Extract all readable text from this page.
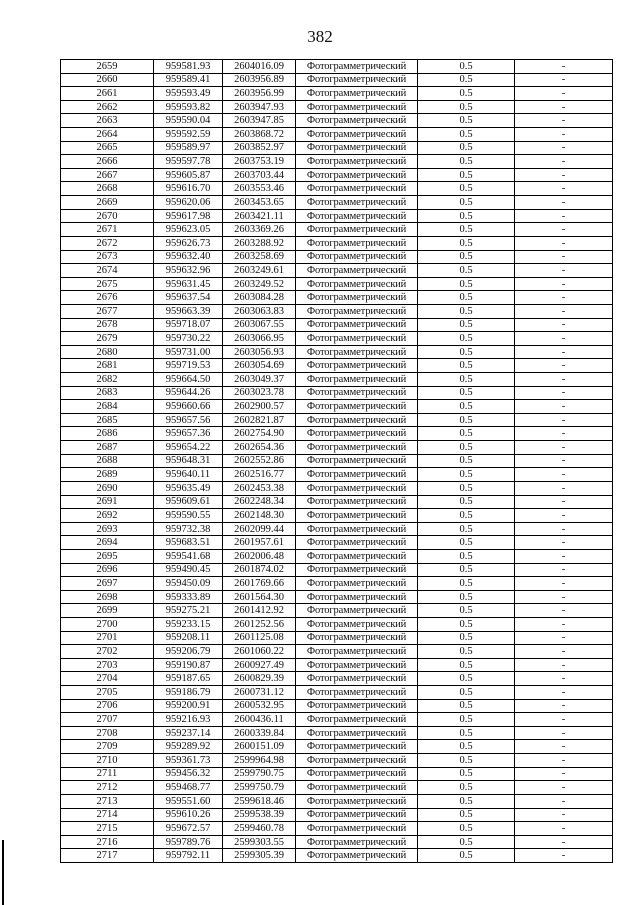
382
2659	959581.93	2604016.09	Фотограмметрический	0.5	-
2660	959589.41	2603956.89	Фотограмметрический	0.5	-
2661	959593.49	2603956.99	Фотограмметрический	0.5	-
2662	959593.82	2603947.93	Фотограмметрический	0.5	-
2663	959590.04	2603947.85	Фотограмметрический	0.5	-
2664	959592.59	2603868.72	Фотограмметрический	0.5	-
2665	959589.97	2603852.97	Фотограмметрический	0.5	-
2666	959597.78	2603753.19	Фотограмметрический	0.5	-
2667	959605.87	2603703.44	Фотограмметрический	0.5	-
2668	959616.70	2603553.46	Фотограмметрический	0.5	-
2669	959620.06	2603453.65	Фотограмметрический	0.5	-
2670	959617.98	2603421.11	Фотограмметрический	0.5	-
2671	959623.05	2603369.26	Фотограмметрический	0.5	-
2672	959626.73	2603288.92	Фотограмметрический	0.5	-
2673	959632.40	2603258.69	Фотограмметрический	0.5	-
2674	959632.96	2603249.61	Фотограмметрический	0.5	-
2675	959631.45	2603249.52	Фотограмметрический	0.5	-
2676	959637.54	2603084.28	Фотограмметрический	0.5	-
2677	959663.39	2603063.83	Фотограмметрический	0.5	-
2678	959718.07	2603067.55	Фотограмметрический	0.5	-
2679	959730.22	2603066.95	Фотограмметрический	0.5	-
2680	959731.00	2603056.93	Фотограмметрический	0.5	-
2681	959719.53	2603054.69	Фотограмметрический	0.5	-
2682	959664.50	2603049.37	Фотограмметрический	0.5	-
2683	959644.26	2603023.78	Фотограмметрический	0.5	-
2684	959660.66	2602900.57	Фотограмметрический	0.5	-
2685	959657.56	2602821.87	Фотограмметрический	0.5	-
2686	959657.36	2602754.90	Фотограмметрический	0.5	-
2687	959654.22	2602654.36	Фотограмметрический	0.5	-
2688	959648.31	2602552.86	Фотограмметрический	0.5	-
2689	959640.11	2602516.77	Фотограмметрический	0.5	-
2690	959635.49	2602453.38	Фотограмметрический	0.5	-
2691	959609.61	2602248.34	Фотограмметрический	0.5	-
2692	959590.55	2602148.30	Фотограмметрический	0.5	-
2693	959732.38	2602099.44	Фотограмметрический	0.5	-
2694	959683.51	2601957.61	Фотограмметрический	0.5	-
2695	959541.68	2602006.48	Фотограмметрический	0.5	-
2696	959490.45	2601874.02	Фотограмметрический	0.5	-
2697	959450.09	2601769.66	Фотограмметрический	0.5	-
2698	959333.89	2601564.30	Фотограмметрический	0.5	-
2699	959275.21	2601412.92	Фотограмметрический	0.5	-
2700	959233.15	2601252.56	Фотограмметрический	0.5	-
2701	959208.11	2601125.08	Фотограмметрический	0.5	-
2702	959206.79	2601060.22	Фотограмметрический	0.5	-
2703	959190.87	2600927.49	Фотограмметрический	0.5	-
2704	959187.65	2600829.39	Фотограмметрический	0.5	-
2705	959186.79	2600731.12	Фотограмметрический	0.5	-
2706	959200.91	2600532.95	Фотограмметрический	0.5	-
2707	959216.93	2600436.11	Фотограмметрический	0.5	-
2708	959237.14	2600339.84	Фотограмметрический	0.5	-
2709	959289.92	2600151.09	Фотограмметрический	0.5	-
2710	959361.73	2599964.98	Фотограмметрический	0.5	-
2711	959456.32	2599790.75	Фотограмметрический	0.5	-
2712	959468.77	2599750.79	Фотограмметрический	0.5	-
2713	959551.60	2599618.46	Фотограмметрический	0.5	-
2714	959610.26	2599538.39	Фотограмметрический	0.5	-
2715	959672.57	2599460.78	Фотограмметрический	0.5	-
2716	959789.76	2599303.55	Фотограмметрический	0.5	-
2717	959792.11	2599305.39	Фотограмметрический	0.5	-
